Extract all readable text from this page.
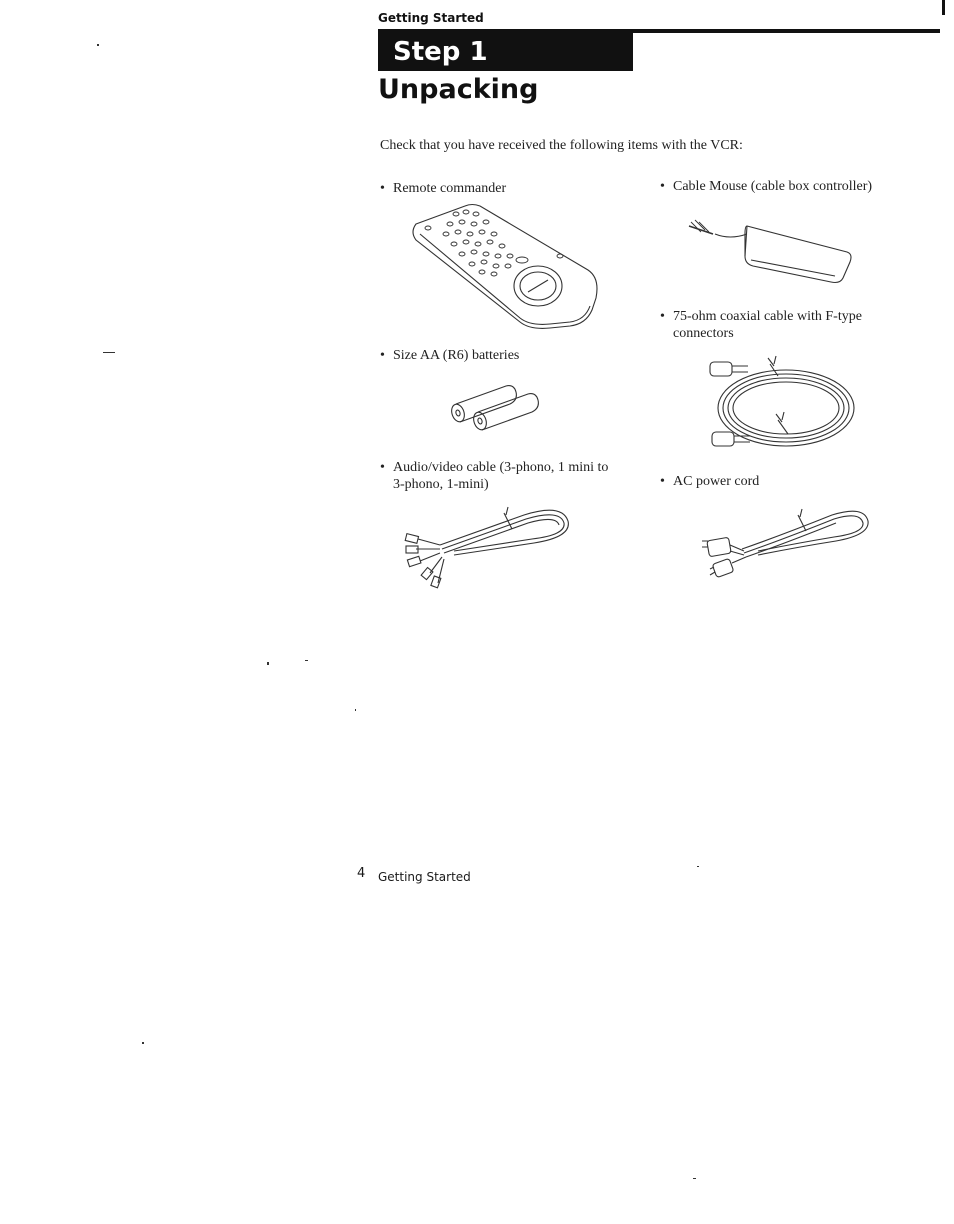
Getting Started
Step 1
Unpacking
Check that you have received the following items with the VCR:
• Remote commander	• Cable Mouse (cable box controller)
• 75-ohm coaxial cable with F-type
connectors
• Size AA (R6) batteries
• Audio/video cable (3-phono, 1 mini to
3-phono, 1-mini)	• AC power cord
4 Getting Started
